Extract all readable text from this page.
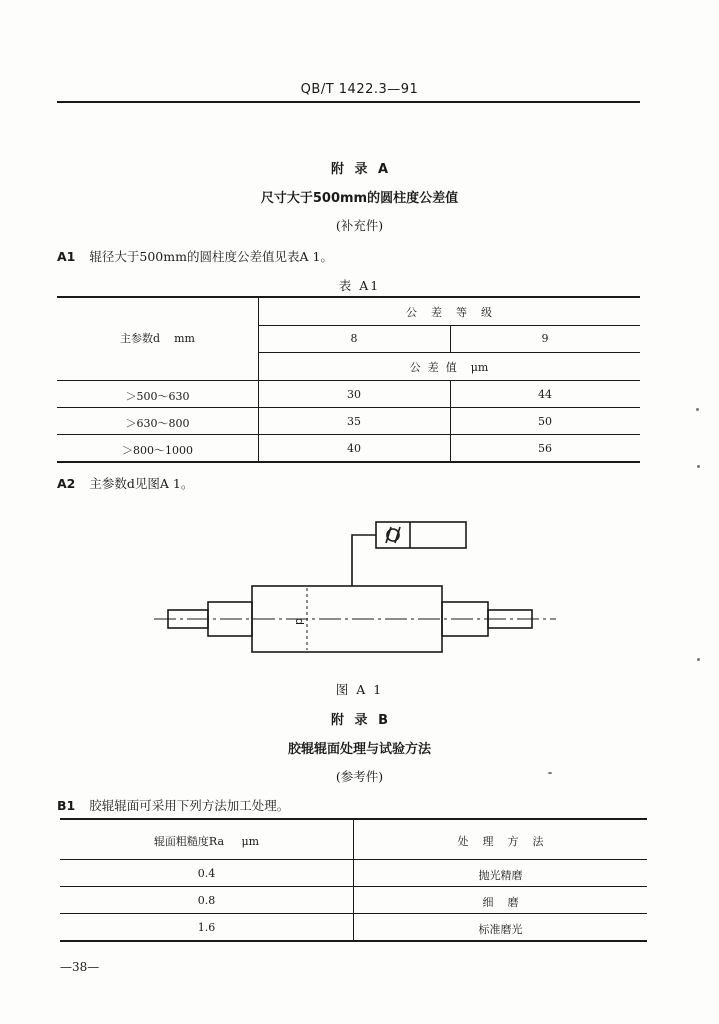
QB/T 1422.3—91
附 录 A
尺寸大于500mm的圆柱度公差值
(补充件)
A1 辊径大于500mm的圆柱度公差值见表A 1。
表 A1
主参数d    mm
公    差    等    级
8	9
公  差  值    μm
＞500～630	30	44
＞630～800	35	50
＞800～1000	40	56
A2 主参数d见图A 1。
d
图 A 1
附 录 B
胶辊辊面处理与试验方法
(参考件)
B1 胶辊辊面可采用下列方法加工处理。
辊面粗糙度Ra     μm	处    理    方    法
0.4	抛光精磨
0.8	细    磨
1.6	标准磨光
—38—
